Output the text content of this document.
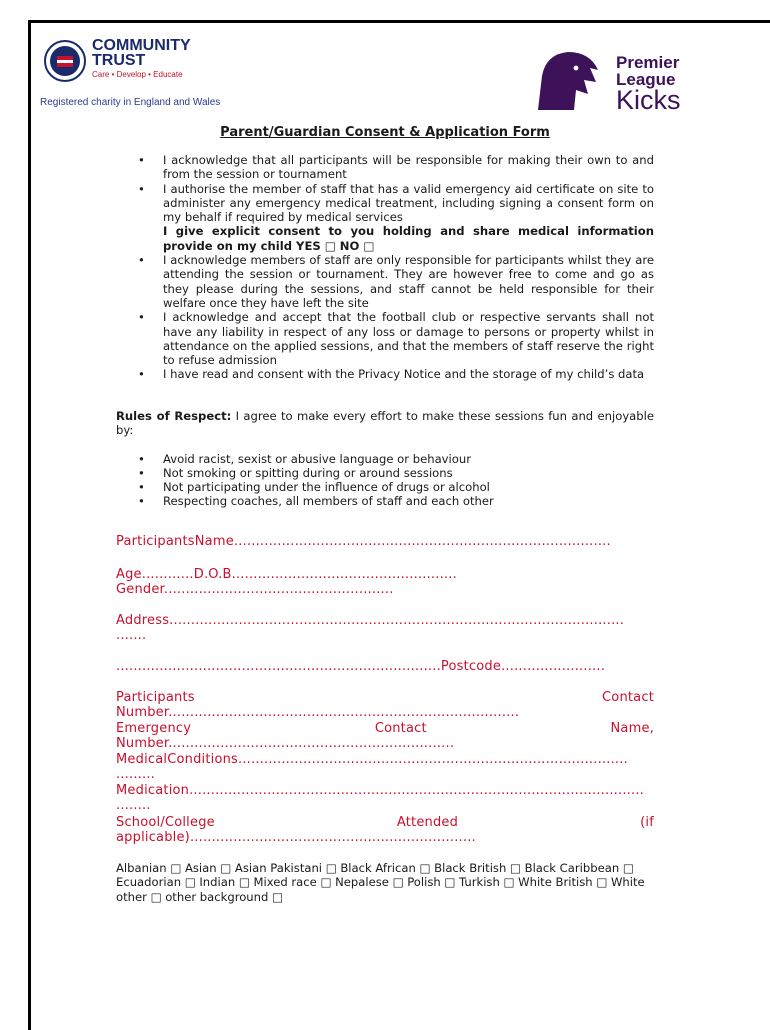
COMMUNITY
TRUST
Care • Develop • Educate
Registered charity in England and Wales
Premier
League
Kicks
Parent/Guardian Consent & Application Form
• I acknowledge that all participants will be responsible for making their own to and from the session or tournament
• I authorise the member of staff that has a valid emergency aid certificate on site to administer any emergency medical treatment, including signing a consent form on my behalf if required by medical services
I give explicit consent to you holding and share medical information provide on my child YES □ NO □
• I acknowledge members of staff are only responsible for participants whilst they are attending the session or tournament. They are however free to come and go as they please during the sessions, and staff cannot be held responsible for their welfare once they have left the site
• I acknowledge and accept that the football club or respective servants shall not have any liability in respect of any loss or damage to persons or property whilst in attendance on the applied sessions, and that the members of staff reserve the right to refuse admission
• I have read and consent with the Privacy Notice and the storage of my child’s data
Rules of Respect: I agree to make every effort to make these sessions fun and enjoyable by:
• Avoid racist, sexist or abusive language or behaviour
• Not smoking or spitting during or around sessions
• Not participating under the influence of drugs or alcohol
• Respecting coaches, all members of staff and each other
ParticipantsName.......................................................................................
Age............D.O.B....................................................
Gender.....................................................
Address.........................................................................................................
.......
...........................................................................Postcode........................
Participants	Contact
Number.................................................................................
Emergency	Contact	Name,
Number..................................................................
MedicalConditions..........................................................................................
.........
Medication.........................................................................................................
........
School/College	Attended	(if
applicable)..................................................................
Albanian □ Asian □ Asian Pakistani □ Black African □ Black British □ Black Caribbean □
Ecuadorian □ Indian □ Mixed race □ Nepalese □ Polish □ Turkish □ White British □ White other □ other background □
